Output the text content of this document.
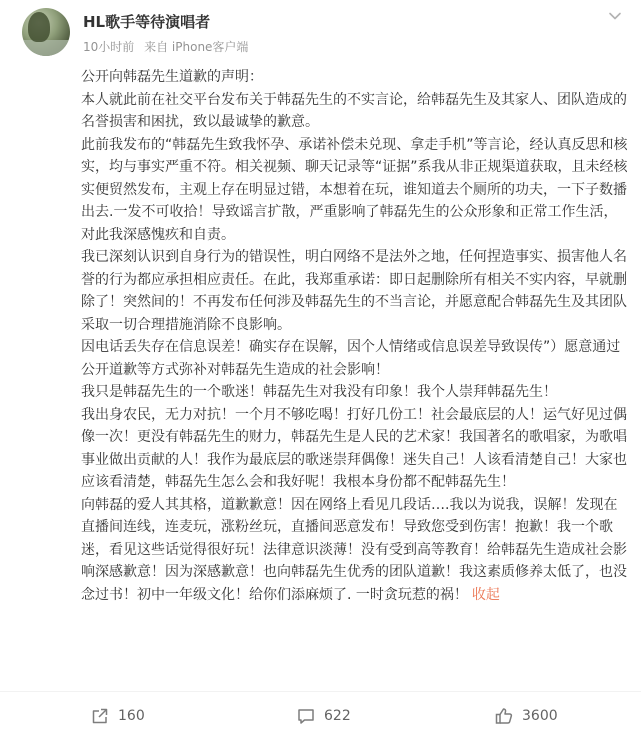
HL歌手等待演唱者
10小时前 来自 iPhone客户端

公开向韩磊先生道歉的声明：

本人就此前在社交平台发布关于韩磊先生的不实言论，给韩磊先生及其家人、团队造成的名誉损害和困扰，致以最诚挚的歉意。

此前我发布的“韩磊先生致我怀孕、承诺补偿未兑现、拿走手机”等言论，经认真反思和核实，均与事实严重不符。相关视频、聊天记录等“证据”系我从非正规渠道获取，且未经核实便贸然发布，主观上存在明显过错，本想着在玩，谁知道去个厕所的功夫，一下子数播出去.一发不可收拾！导致谣言扩散，严重影响了韩磊先生的公众形象和正常工作生活，对此我深感愧疚和自责。

我已深刻认识到自身行为的错误性，明白网络不是法外之地，任何捏造事实、损害他人名誉的行为都应承担相应责任。在此，我郑重承诺：即日起删除所有相关不实内容，早就删除了！突然间的！不再发布任何涉及韩磊先生的不当言论，并愿意配合韩磊先生及其团队采取一切合理措施消除不良影响。

因电话丢失存在信息误差！确实存在误解，因个人情绪或信息误差导致误传”）愿意通过公开道歉等方式弥补对韩磊先生造成的社会影响！

我只是韩磊先生的一个歌迷！韩磊先生对我没有印象！我个人崇拜韩磊先生！

我出身农民，无力对抗！一个月不够吃喝！打好几份工！社会最底层的人！运气好见过偶像一次！更没有韩磊先生的财力，韩磊先生是人民的艺术家！我国著名的歌唱家，为歌唱事业做出贡献的人！我作为最底层的歌迷崇拜偶像！迷失自己！人该看清楚自己！大家也应该看清楚，韩磊先生怎么会和我好呢！我根本身份都不配韩磊先生！

向韩磊的爱人其其格，道歉歉意！因在网络上看见几段话….我以为说我，误解！发现在直播间连线，连麦玩，涨粉丝玩，直播间恶意发布！导致您受到伤害！抱歉！我一个歌迷，看见这些话觉得很好玩！法律意识淡薄！没有受到高等教育！给韩磊先生造成社会影响深感歉意！因为深感歉意！也向韩磊先生优秀的团队道歉！我这素质修养太低了，也没念过书！初中一年级文化！给你们添麻烦了. 一时贪玩惹的祸！ 收起

160	622	3600
